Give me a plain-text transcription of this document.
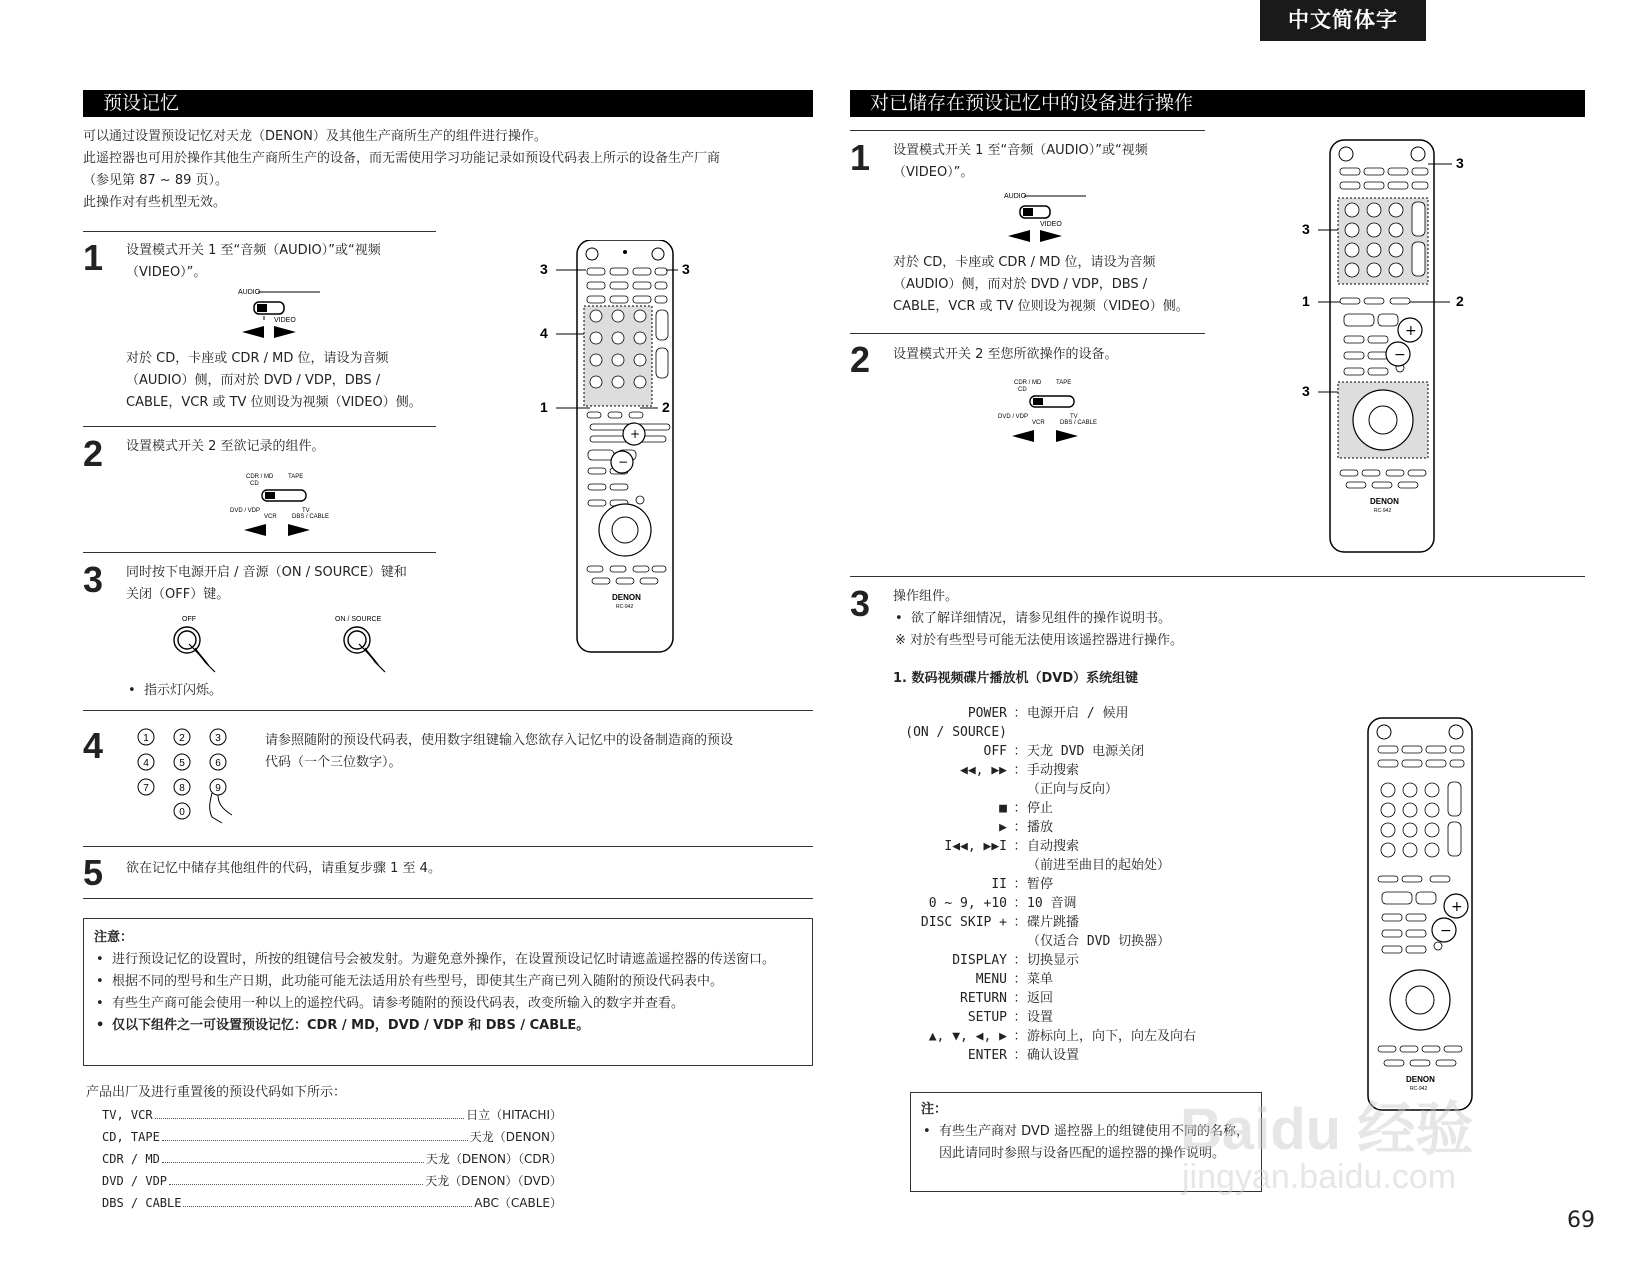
中文简体字
预设记忆
可以通过设置预设记忆对天龙（DENON）及其他生产商所生产的组件进行操作。
此遥控器也可用於操作其他生产商所生产的设备，而无需使用学习功能记录如预设代码表上所示的设备生产厂商
（参见第 87 ~ 89 页）。
此操作对有些机型无效。
1 设置模式开关 1 至“音频（AUDIO）”或“视频
（VIDEO）”。
AUDIO
VIDEO
对於 CD，卡座或 CDR / MD 位，请设为音频
（AUDIO）侧，而对於 DVD / VDP，DBS /
CABLE，VCR 或 TV 位则设为视频（VIDEO）侧。
2 设置模式开关 2 至欲记录的组件。
CDR / MD
CD
TAPE
DVD / VDP
VCR
TV
DBS / CABLE
3 同时按下电源开启 / 音源（ON / SOURCE）键和
关闭（OFF）键。
OFF	ON / SOURCE
• 指示灯闪烁。
+
−
DENON
RC-942
3	3
4
1	2
4	1	2	3
4	5	6
7	8	9
0
请参照随附的预设代码表，使用数字组键输入您欲存入记忆中的设备制造商的预设
代码（一个三位数字）。
5 欲在记忆中储存其他组件的代码，请重复步骤 1 至 4。
注意：
• 进行预设记忆的设置时，所按的组键信号会被发射。为避免意外操作，在设置预设记忆时请遮盖遥控器的传送窗口。
• 根据不同的型号和生产日期，此功能可能无法适用於有些型号，即使其生产商已列入随附的预设代码表中。
• 有些生产商可能会使用一种以上的遥控代码。请参考随附的预设代码表，改变所输入的数字并查看。
• 仅以下组件之一可设置预设记忆：CDR / MD，DVD / VDP 和 DBS / CABLE。
产品出厂及进行重置後的预设代码如下所示：
TV, VCR	日立（HITACHI）
CD, TAPE	天龙（DENON）
CDR / MD	天龙（DENON）（CDR）
DVD / VDP	天龙（DENON）（DVD）
DBS / CABLE	ABC（CABLE）
对已储存在预设记忆中的设备进行操作
1 设置模式开关 1 至“音频（AUDIO）”或“视频
（VIDEO）”。
AUDIO
VIDEO
对於 CD，卡座或 CDR / MD 位，请设为音频
（AUDIO）侧，而对於 DVD / VDP，DBS /
CABLE，VCR 或 TV 位则设为视频（VIDEO）侧。
2 设置模式开关 2 至您所欲操作的设备。
CDR / MD
CD
TAPE
DVD / VDP
VCR
TV
DBS / CABLE
+
−
DENON
RC-942
3
3
1	2
3
3 操作组件。
• 欲了解详细情况，请参见组件的操作说明书。
※ 对於有些型号可能无法使用该遥控器进行操作。
1. 数码视频碟片播放机（DVD）系统组键
POWER ： 电源开启 / 候用
(ON / SOURCE)
OFF ： 天龙 DVD 电源关闭
◀◀, ▶▶ ： 手动搜索
（正向与反向）
■ ： 停止
▶ ： 播放
I◀◀, ▶▶I ： 自动搜索
（前进至曲目的起始处）
II ： 暂停
0 ~ 9, +10 ： 10 音调
DISC SKIP + ： 碟片跳播
（仅适合 DVD 切换器）
DISPLAY ： 切换显示
MENU ： 菜单
RETURN ： 返回
SETUP ： 设置
▲, ▼, ◀, ▶ ： 游标向上，向下，向左及向右
ENTER ： 确认设置
+
−
DENON
RC-942
注：
• 有些生产商对 DVD 遥控器上的组键使用不同的名称，因此请同时参照与设备匹配的遥控器的操作说明。
Baidu 经验
jingyan.baidu.com
69
